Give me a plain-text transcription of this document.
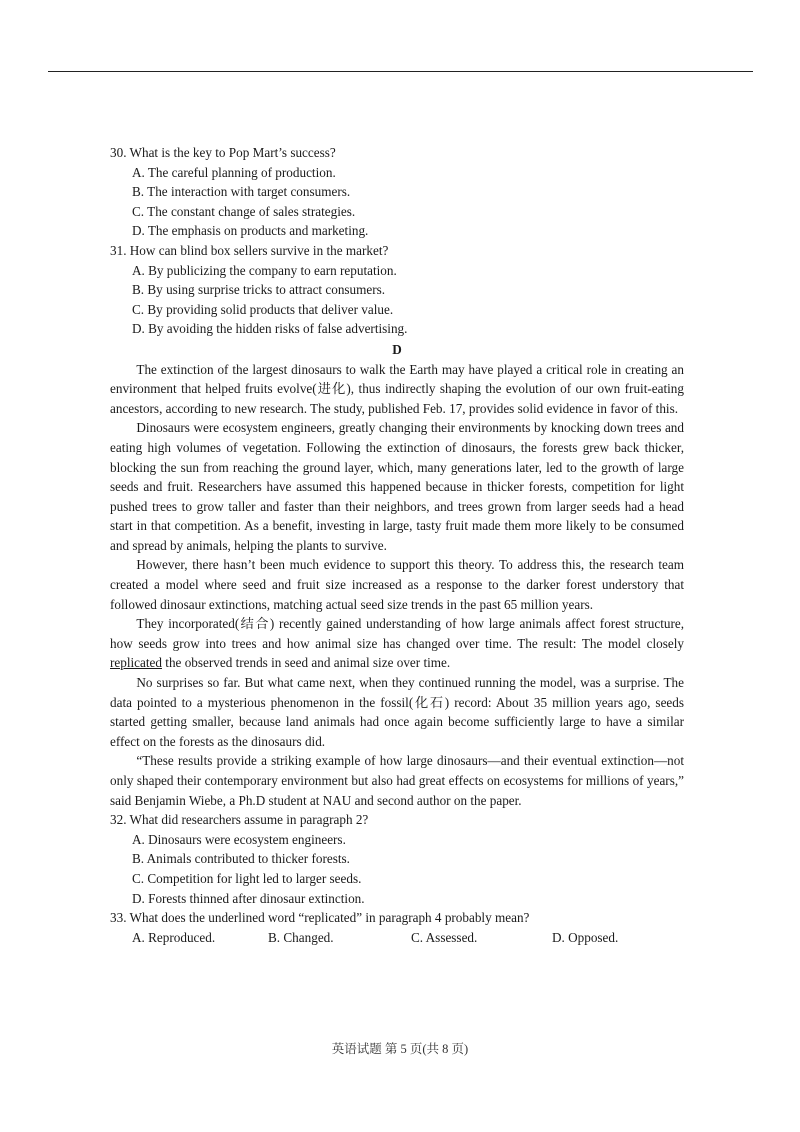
30. What is the key to Pop Mart’s success?
A. The careful planning of production.
B. The interaction with target consumers.
C. The constant change of sales strategies.
D. The emphasis on products and marketing.
31. How can blind box sellers survive in the market?
A. By publicizing the company to earn reputation.
B. By using surprise tricks to attract consumers.
C. By providing solid products that deliver value.
D. By avoiding the hidden risks of false advertising.
D

The extinction of the largest dinosaurs to walk the Earth may have played a critical role in creating an environment that helped fruits evolve(进化), thus indirectly shaping the evolution of our own fruit-eating ancestors, according to new research. The study, published Feb. 17, provides solid evidence in favor of this.

Dinosaurs were ecosystem engineers, greatly changing their environments by knocking down trees and eating high volumes of vegetation. Following the extinction of dinosaurs, the forests grew back thicker, blocking the sun from reaching the ground layer, which, many generations later, led to the growth of large seeds and fruit. Researchers have assumed this happened because in thicker forests, competition for light pushed trees to grow taller and faster than their neighbors, and trees grown from larger seeds had a head start in that competition. As a benefit, investing in large, tasty fruit made them more likely to be consumed and spread by animals, helping the plants to survive.

However, there hasn’t been much evidence to support this theory. To address this, the research team created a model where seed and fruit size increased as a response to the darker forest understory that followed dinosaur extinctions, matching actual seed size trends in the past 65 million years.

They incorporated(结合) recently gained understanding of how large animals affect forest structure, how seeds grow into trees and how animal size has changed over time. The result: The model closely replicated the observed trends in seed and animal size over time.

No surprises so far. But what came next, when they continued running the model, was a surprise. The data pointed to a mysterious phenomenon in the fossil(化石) record: About 35 million years ago, seeds started getting smaller, because land animals had once again become sufficiently large to have a similar effect on the forests as the dinosaurs did.

“These results provide a striking example of how large dinosaurs—and their eventual extinction—not only shaped their contemporary environment but also had great effects on ecosystems for millions of years,” said Benjamin Wiebe, a Ph.D student at NAU and second author on the paper.

32. What did researchers assume in paragraph 2?
A. Dinosaurs were ecosystem engineers.
B. Animals contributed to thicker forests.
C. Competition for light led to larger seeds.
D. Forests thinned after dinosaur extinction.
33. What does the underlined word “replicated” in paragraph 4 probably mean?
A. Reproduced.	B. Changed.	C. Assessed.	D. Opposed.
英语试题 第 5 页(共 8 页)
